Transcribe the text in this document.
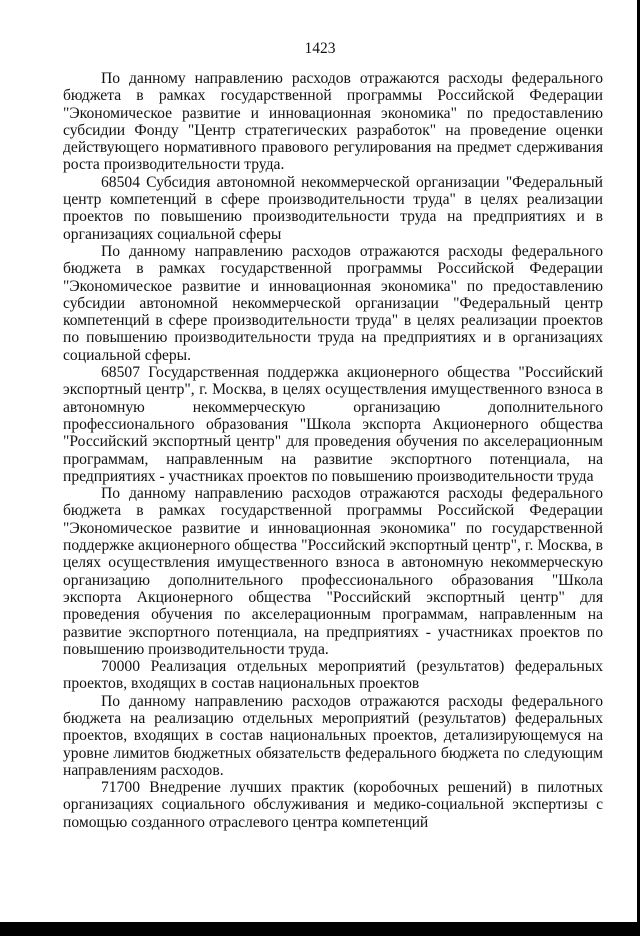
1423

По данному направлению расходов отражаются расходы федерального бюджета в рамках государственной программы Российской Федерации "Экономическое развитие и инновационная экономика" по предоставлению субсидии Фонду "Центр стратегических разработок" на проведение оценки действующего нормативного правового регулирования на предмет сдерживания роста производительности труда.

68504 Субсидия автономной некоммерческой организации "Федеральный центр компетенций в сфере производительности труда" в целях реализации проектов по повышению производительности труда на предприятиях и в организациях социальной сферы

По данному направлению расходов отражаются расходы федерального бюджета в рамках государственной программы Российской Федерации "Экономическое развитие и инновационная экономика" по предоставлению субсидии автономной некоммерческой организации "Федеральный центр компетенций в сфере производительности труда" в целях реализации проектов по повышению производительности труда на предприятиях и в организациях социальной сферы.

68507 Государственная поддержка акционерного общества "Российский экспортный центр", г. Москва, в целях осуществления имущественного взноса в автономную некоммерческую организацию дополнительного профессионального образования "Школа экспорта Акционерного общества "Российский экспортный центр" для проведения обучения по акселерационным программам, направленным на развитие экспортного потенциала, на предприятиях - участниках проектов по повышению производительности труда

По данному направлению расходов отражаются расходы федерального бюджета в рамках государственной программы Российской Федерации "Экономическое развитие и инновационная экономика" по государственной поддержке акционерного общества "Российский экспортный центр", г. Москва, в целях осуществления имущественного взноса в автономную некоммерческую организацию дополнительного профессионального образования "Школа экспорта Акционерного общества "Российский экспортный центр" для проведения обучения по акселерационным программам, направленным на развитие экспортного потенциала, на предприятиях - участниках проектов по повышению производительности труда.

70000 Реализация отдельных мероприятий (результатов) федеральных проектов, входящих в состав национальных проектов

По данному направлению расходов отражаются расходы федерального бюджета на реализацию отдельных мероприятий (результатов) федеральных проектов, входящих в состав национальных проектов, детализирующемуся на уровне лимитов бюджетных обязательств федерального бюджета по следующим направлениям расходов.

71700 Внедрение лучших практик (коробочных решений) в пилотных организациях социального обслуживания и медико-социальной экспертизы с помощью созданного отраслевого центра компетенций
